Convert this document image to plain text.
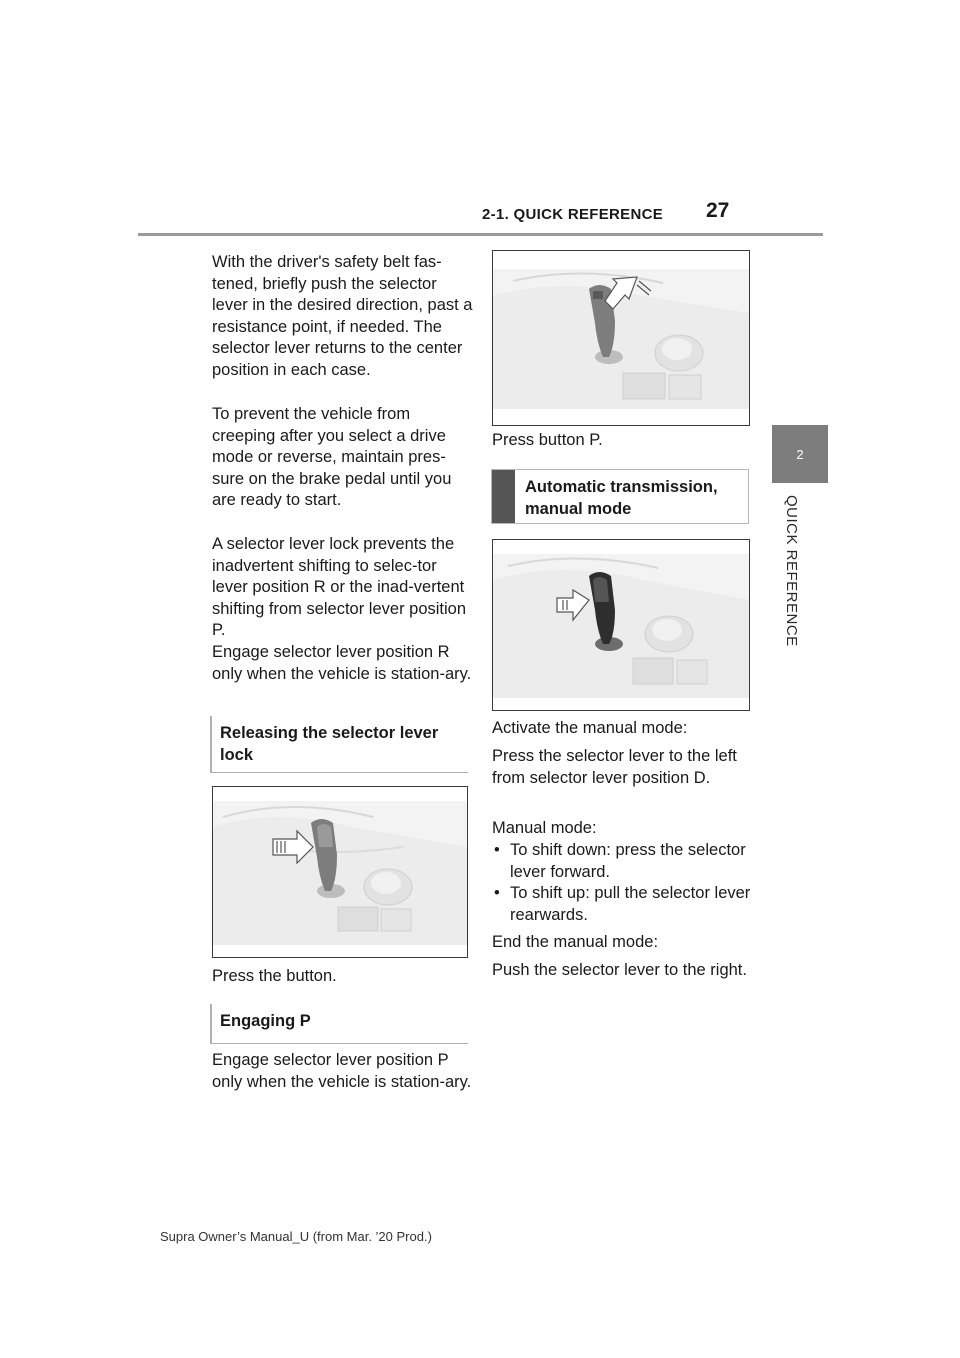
2-1. QUICK REFERENCE 27
2
QUICK REFERENCE

With the driver's safety belt fas-tened, briefly push the selector lever in the desired direction, past a resistance point, if needed. The selector lever returns to the center position in each case.

To prevent the vehicle from creeping after you select a drive mode or reverse, maintain pres-sure on the brake pedal until you are ready to start.

A selector lever lock prevents the inadvertent shifting to selec-tor lever position R or the inad-vertent shifting from selector lever position P.

Engage selector lever position R only when the vehicle is station-ary.

Releasing the selector lever lock

Press the button.

Engaging P

Engage selector lever position P only when the vehicle is station-ary.

Press button P.

Automatic transmission, manual mode

Activate the manual mode:

Press the selector lever to the left from selector lever position D.

Manual mode:

• To shift down: press the selector lever forward.
• To shift up: pull the selector lever rearwards.

End the manual mode:

Push the selector lever to the right.

Supra Owner’s Manual_U (from Mar. ’20 Prod.)
